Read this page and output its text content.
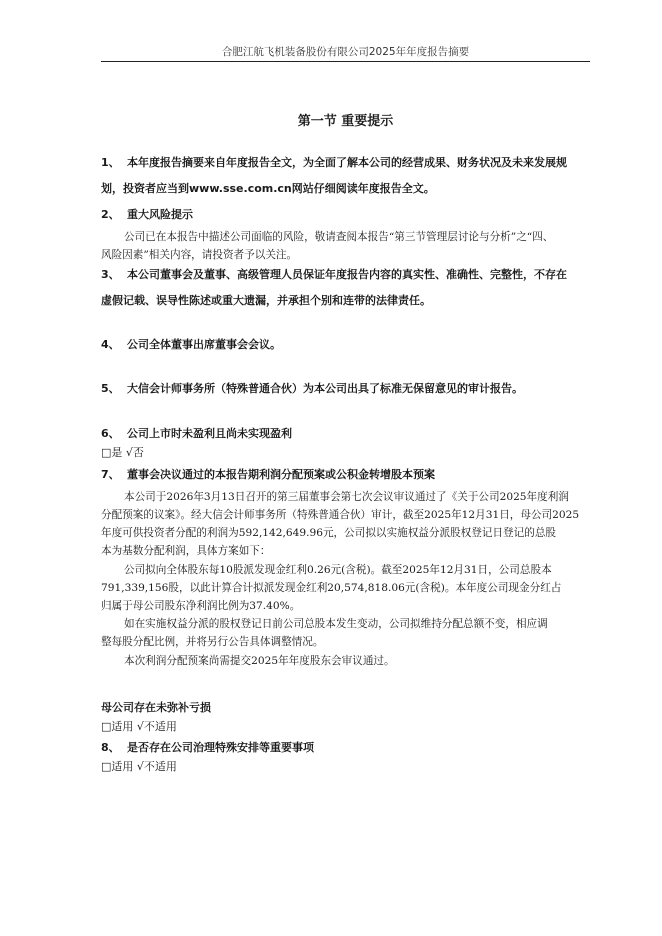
合肥江航飞机装备股份有限公司2025年年度报告摘要
第一节 重要提示
1、 本年度报告摘要来自年度报告全文，为全面了解本公司的经营成果、财务状况及未来发展规
划，投资者应当到www.sse.com.cn网站仔细阅读年度报告全文。
2、 重大风险提示
公司已在本报告中描述公司面临的风险，敬请查阅本报告“第三节管理层讨论与分析”之“四、
风险因素”相关内容，请投资者予以关注。
3、 本公司董事会及董事、高级管理人员保证年度报告内容的真实性、准确性、完整性，不存在
虚假记载、误导性陈述或重大遗漏，并承担个别和连带的法律责任。
4、 公司全体董事出席董事会会议。
5、 大信会计师事务所（特殊普通合伙）为本公司出具了标准无保留意见的审计报告。
6、 公司上市时未盈利且尚未实现盈利
□是 √否
7、 董事会决议通过的本报告期利润分配预案或公积金转增股本预案
本公司于2026年3月13日召开的第三届董事会第七次会议审议通过了《关于公司2025年度利润
分配预案的议案》。经大信会计师事务所（特殊普通合伙）审计，截至2025年12月31日，母公司2025
年度可供投资者分配的利润为592,142,649.96元，公司拟以实施权益分派股权登记日登记的总股
本为基数分配利润，具体方案如下：
公司拟向全体股东每10股派发现金红利0.26元(含税)。截至2025年12月31日，公司总股本
791,339,156股，以此计算合计拟派发现金红利20,574,818.06元(含税)。本年度公司现金分红占
归属于母公司股东净利润比例为37.40%。
如在实施权益分派的股权登记日前公司总股本发生变动，公司拟维持分配总额不变，相应调
整每股分配比例，并将另行公告具体调整情况。
本次利润分配预案尚需提交2025年年度股东会审议通过。
母公司存在未弥补亏损
□适用 √不适用
8、 是否存在公司治理特殊安排等重要事项
□适用 √不适用
